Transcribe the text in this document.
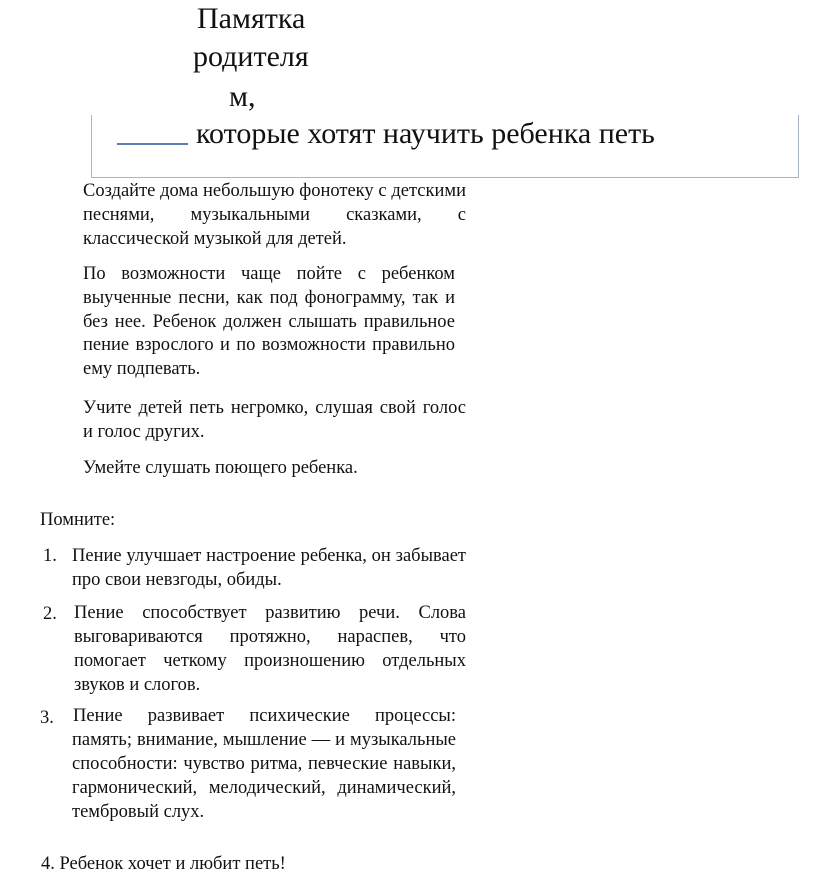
Памятка
родителя
м,
которые хотят научить ребенка петь

Создайте дома небольшую фонотеку с детскими песнями, музыкальными сказками, с классической музыкой для детей.

По возможности чаще пойте с ребенком выученные песни, как под фонограмму, так и без нее. Ребенок должен слышать правильное пение взрослого и по возможности правильно ему подпевать.

Учите детей петь негромко, слушая свой голос и голос других.

Умейте слушать поющего ребенка.

Помните:
1. Пение улучшает настроение ребенка, он забывает про свои невзгоды, обиды.

2. Пение способствует развитию речи. Слова выговариваются протяжно, нараспев, что помогает четкому произношению отдельных звуков и слогов.

3. Пение развивает психические процессы: память; внимание, мышление — и музыкальные способности: чувство ритма, певческие навыки, гармонический, мелодический, динамический, тембровый слух.

4. Ребенок хочет и любит петь!
